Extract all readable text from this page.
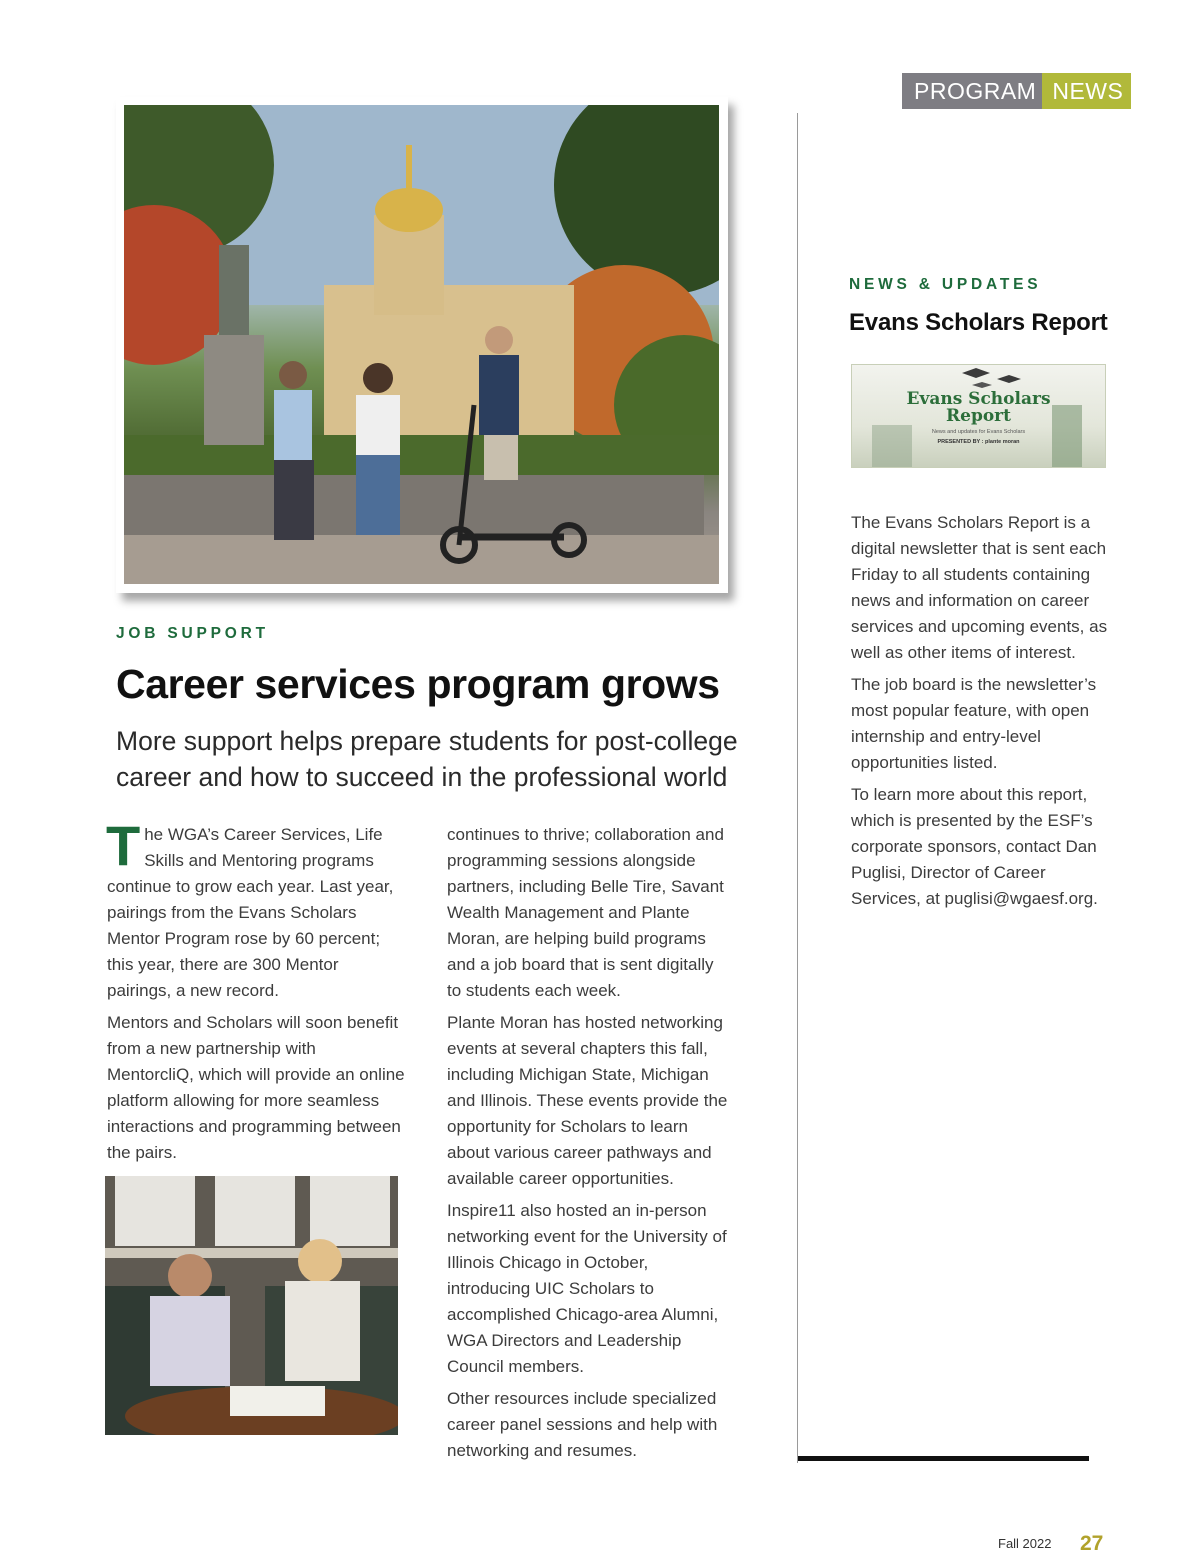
PROGRAM NEWS
JOB SUPPORT
Career services program grows
More support helps prepare students for post-college career and how to succeed in the professional world

The WGA’s Career Services, Life Skills and Mentoring programs continue to grow each year. Last year, pairings from the Evans Scholars Mentor Program rose by 60 percent; this year, there are 300 Mentor pairings, a new record.

Mentors and Scholars will soon benefit from a new partnership with MentorcliQ, which will provide an online platform allowing for more seamless interactions and programming between the pairs.

continues to thrive; collaboration and programming sessions alongside partners, including Belle Tire, Savant Wealth Management and Plante Moran, are helping build programs and a job board that is sent digitally to students each week.

Plante Moran has hosted networking events at several chapters this fall, including Michigan State, Michigan and Illinois. These events provide the opportunity for Scholars to learn about various career pathways and available career opportunities.

Inspire11 also hosted an in-person networking event for the University of Illinois Chicago in October, introducing UIC Scholars to accomplished Chicago-area Alumni, WGA Directors and Leadership Council members.

Other resources include specialized career panel sessions and help with networking and resumes.

NEWS & UPDATES
Evans Scholars Report
Evans Scholars
Report
News and updates for Evans Scholars
PRESENTED BY : plante moran

The Evans Scholars Report is a digital newsletter that is sent each Friday to all students containing news and information on career services and upcoming events, as well as other items of interest.

The job board is the newsletter’s most popular feature, with open internship and entry-level opportunities listed.

To learn more about this report, which is presented by the ESF’s corporate sponsors, contact Dan Puglisi, Director of Career Services, at puglisi@wgaesf.org.

Fall 2022 27
